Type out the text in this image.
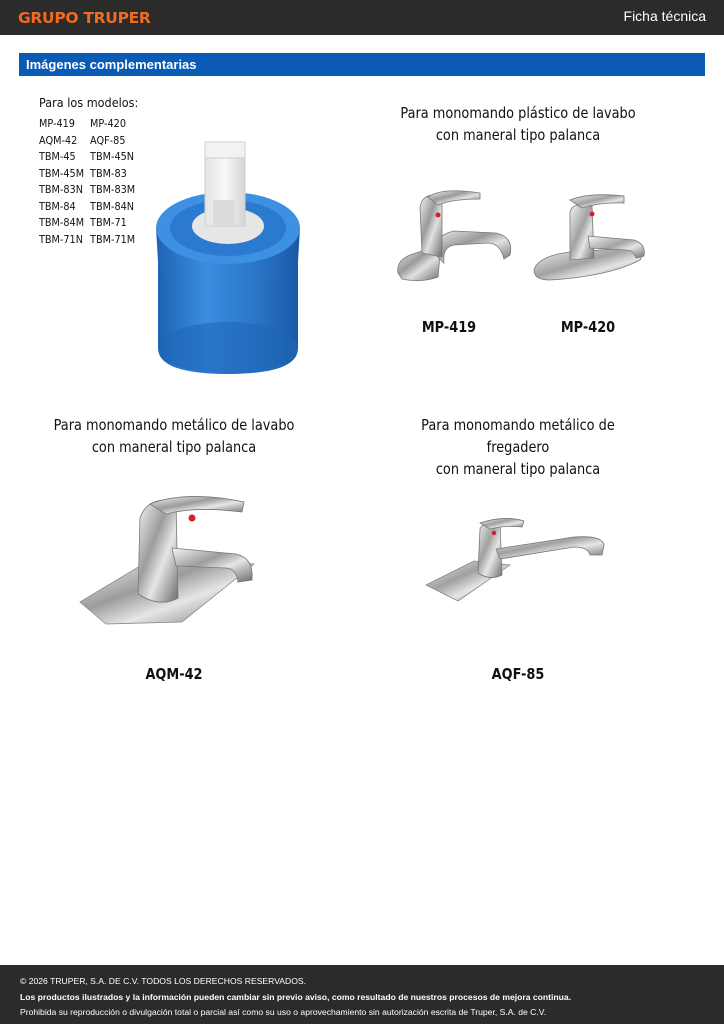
GRUPO TRUPER	Ficha técnica
Imágenes complementarias
Para los modelos:
MP-419	MP-420
AQM-42	AQF-85
TBM-45	TBM-45N
TBM-45M TBM-83
TBM-83N TBM-83M
TBM-84	TBM-84N
TBM-84M TBM-71
TBM-71N TBM-71M
Para monomando plástico de lavabo
con maneral tipo palanca
MP-419	MP-420
Para monomando metálico de lavabo
con maneral tipo palanca
Para monomando metálico de fregadero
con maneral tipo palanca
AQM-42	AQF-85
© 2026 TRUPER, S.A. DE C.V. TODOS LOS DERECHOS RESERVADOS.
Los productos ilustrados y la información pueden cambiar sin previo aviso, como resultado de nuestros procesos de mejora continua.
Prohibida su reproducción o divulgación total o parcial así como su uso o aprovechamiento sin autorización escrita de Truper, S.A. de C.V.
